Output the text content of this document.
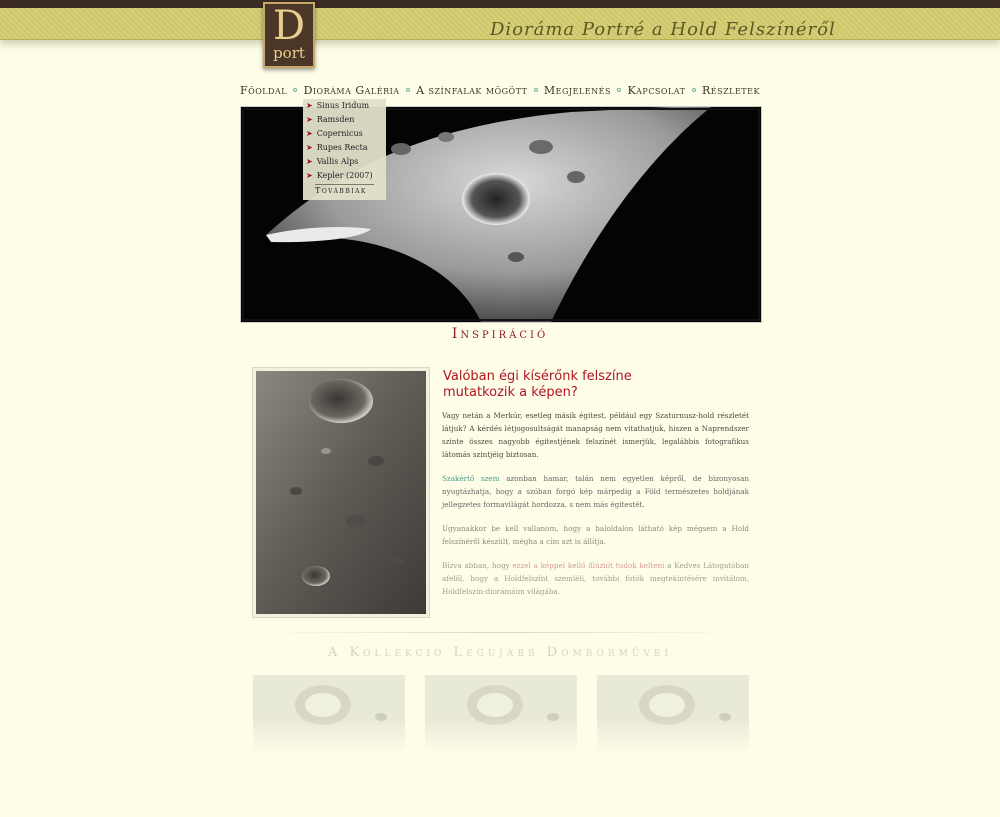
D
port
Dioráma Portré a Hold Felszínéről
Főoldal Dioráma Galéria A színfalak mögött Megjelenés Kapcsolat Részletek
➤ Sinus Iridum
➤ Ramsden
➤ Copernicus
➤ Rupes Recta
➤ Vallis Alps
➤ Kepler (2007)
Továbbiak
Inspiráció
Valóban égi kísérőnk felszíne mutatkozik a képen?

Vagy netán a Merkúr, esetleg másik égitest, például egy Szaturnusz-hold részletét látjuk? A kérdés létjogosultságát manapság nem vitathatjuk, hiszen a Naprendszer szinte összes nagyobb égitestjének felszínét ismerjük, legalábbis fotografikus látomás szintjéig biztosan.

Szakértő szem azonban hamar, talán nem egyetlen képről, de bizonyosan nyugtázhatja, hogy a szóban forgó kép márpedig a Föld természetes holdjának jellegzetes formavilágát hordozza, s nem más égitestét.

Ugyanakkor be kell vallanom, hogy a baloldalon látható kép mégsem a Hold felszínéről készült, mégha a cím azt is állítja.

Bízva abban, hogy ezzel a képpel kellő illúziót tudok kelteni a Kedves Látogatóban afelől, hogy a Holdfelszínt szemléli, további fotók megtekintésére invitálom, Holdfelszín-diorámáim világába.

A Kollekció Legújabb Domborművei
